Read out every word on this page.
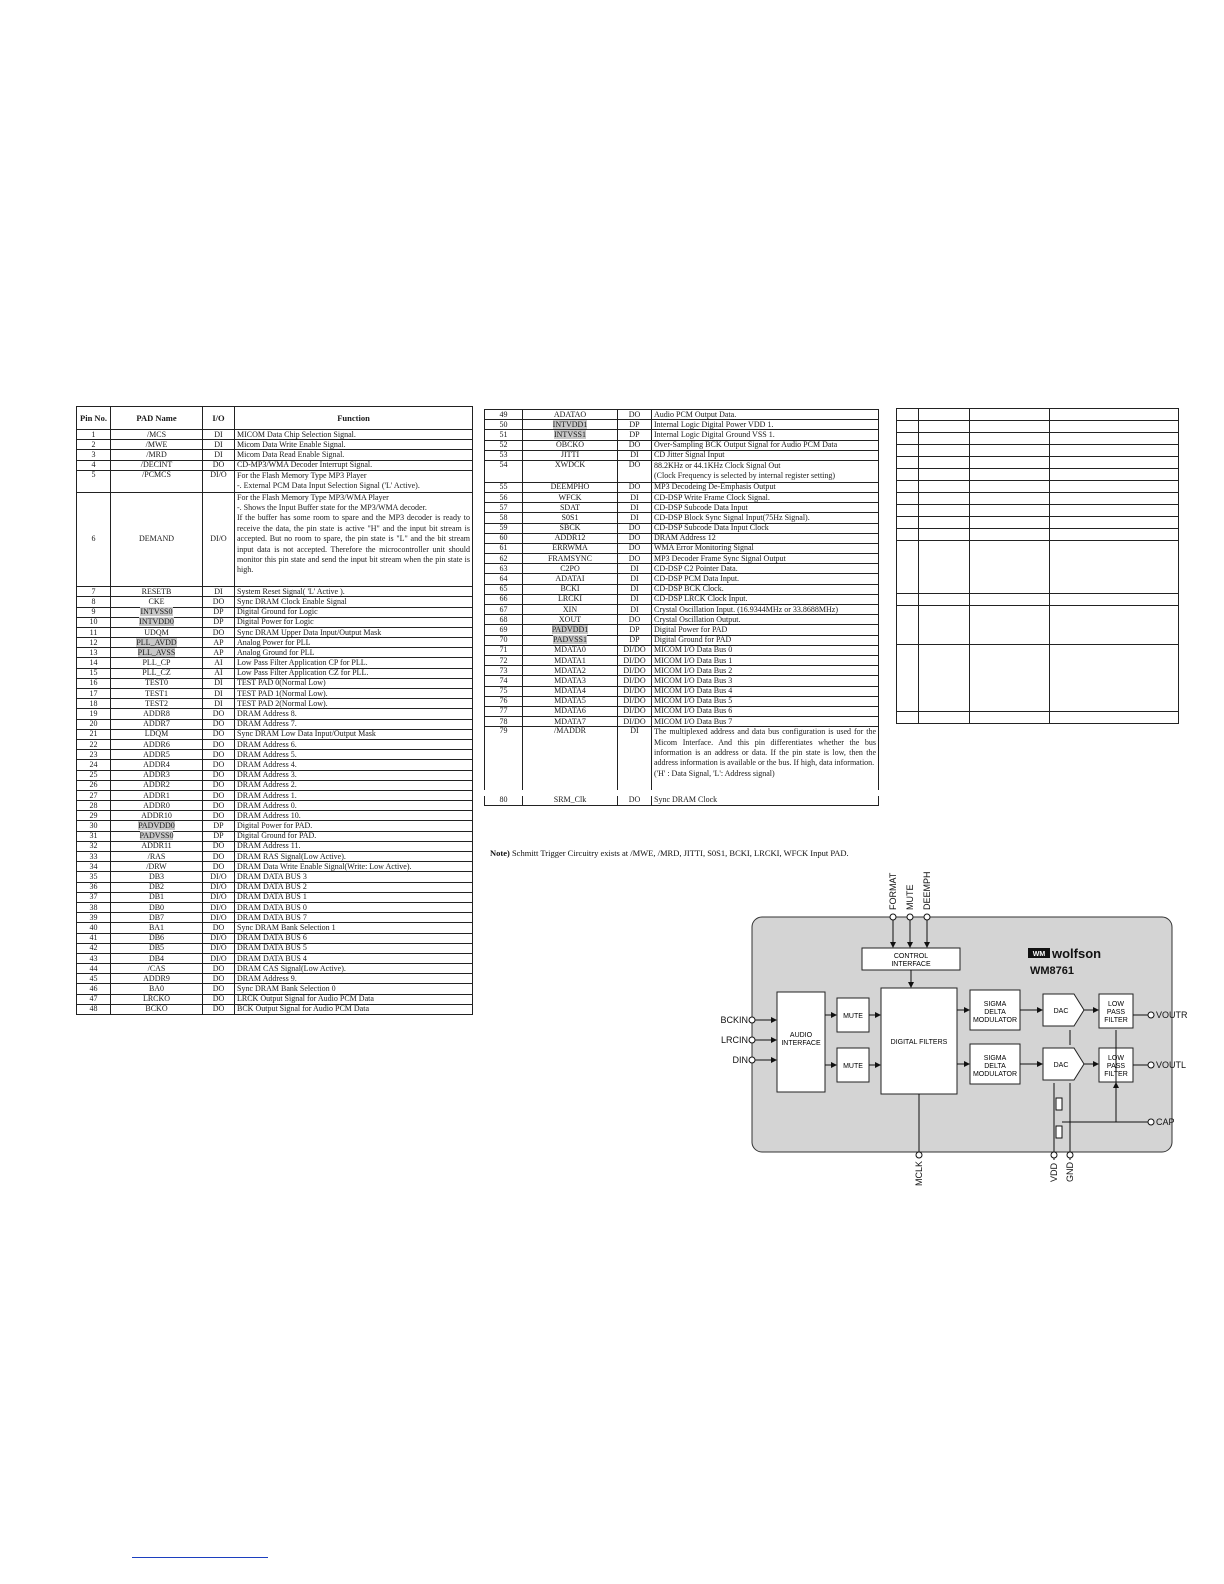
Pin No.	PAD Name	I/O	Function
1	/MCS	DI	MICOM Data Chip Selection Signal.
2	/MWE	DI	Micom Data Write Enable Signal.
3	/MRD	DI	Micom Data Read Enable Signal.
4	/DECINT	DO	CD-MP3/WMA Decoder Interrupt Signal.
5	/PCMCS	DI/O	For the Flash Memory Type MP3 Player
-. External PCM Data Input Selection Signal ('L' Active).
6	DEMAND	DI/O	For the Flash Memory Type MP3/WMA Player
-. Shows the Input Buffer state for the MP3/WMA decoder.
If the buffer has some room to spare and the MP3 decoder is ready to receive the data, the pin state is active "H" and the input bit stream is accepted. But no room to spare, the pin state is "L" and the bit stream input data is not accepted. Therefore the microcontroller unit should monitor this pin state and send the input bit stream when the pin state is high.
7	RESETB	DI	System Reset Signal( 'L' Active ).
8	CKE	DO	Sync DRAM Clock Enable Signal
9	INTVSS0	DP	Digital Ground for Logic
10	INTVDD0	DP	Digital Power for Logic
11	UDQM	DO	Sync DRAM Upper Data Input/Output Mask
12	PLL_AVDD	AP	Analog Power for PLL
13	PLL_AVSS	AP	Analog Ground for PLL
14	PLL_CP	AI	Low Pass Filter Application CP for PLL.
15	PLL_CZ	AI	Low Pass Filter Application CZ for PLL.
16	TEST0	DI	TEST PAD 0(Normal Low)
17	TEST1	DI	TEST PAD 1(Normal Low).
18	TEST2	DI	TEST PAD 2(Normal Low).
19	ADDR8	DO	DRAM Address 8.
20	ADDR7	DO	DRAM Address 7.
21	LDQM	DO	Sync DRAM Low Data Input/Output Mask
22	ADDR6	DO	DRAM Address 6.
23	ADDR5	DO	DRAM Address 5.
24	ADDR4	DO	DRAM Address 4.
25	ADDR3	DO	DRAM Address 3.
26	ADDR2	DO	DRAM Address 2.
27	ADDR1	DO	DRAM Address 1.
28	ADDR0	DO	DRAM Address 0.
29	ADDR10	DO	DRAM Address 10.
30	PADVDD0	DP	Digital Power for PAD.
31	PADVSS0	DP	Digital Ground for PAD.
32	ADDR11	DO	DRAM Address 11.
33	/RAS	DO	DRAM RAS Signal(Low Active).
34	/DRW	DO	DRAM Data Write Enable Signal(Write: Low Active).
35	DB3	DI/O	DRAM DATA BUS 3
36	DB2	DI/O	DRAM DATA BUS 2
37	DB1	DI/O	DRAM DATA BUS 1
38	DB0	DI/O	DRAM DATA BUS 0
39	DB7	DI/O	DRAM DATA BUS 7
40	BA1	DO	Sync DRAM Bank Selection 1
41	DB6	DI/O	DRAM DATA BUS 6
42	DB5	DI/O	DRAM DATA BUS 5
43	DB4	DI/O	DRAM DATA BUS 4
44	/CAS	DO	DRAM CAS Signal(Low Active).
45	ADDR9	DO	DRAM Address 9.
46	BA0	DO	Sync DRAM Bank Selection 0
47	LRCKO	DO	LRCK Output Signal for Audio PCM Data
48	BCKO	DO	BCK Output Signal for Audio PCM Data
49	ADATAO	DO	Audio PCM Output Data.
50	INTVDD1	DP	Internal Logic Digital Power VDD 1.
51	INTVSS1	DP	Internal Logic Digital Ground VSS 1.
52	OBCKO	DO	Over-Sampling BCK Output Signal for Audio PCM Data
53	JITTI	DI	CD Jitter Signal Input
54	XWDCK	DO	88.2KHz or 44.1KHz Clock Signal Out
(Clock Frequency is selected by internal register setting)
55	DEEMPHO	DO	MP3 Decodeing De-Emphasis Output
56	WFCK	DI	CD-DSP Write Frame Clock Signal.
57	SDAT	DI	CD-DSP Subcode Data Input
58	S0S1	DI	CD-DSP Block Sync Signal Input(75Hz Signal).
59	SBCK	DO	CD-DSP Subcode Data Input Clock
60	ADDR12	DO	DRAM Address 12
61	ERRWMA	DO	WMA Error Monitoring Signal
62	FRAMSYNC	DO	MP3 Decoder Frame Sync Signal Output
63	C2PO	DI	CD-DSP C2 Pointer Data.
64	ADATAI	DI	CD-DSP PCM Data Input.
65	BCKI	DI	CD-DSP BCK Clock.
66	LRCKI	DI	CD-DSP LRCK Clock Input.
67	XIN	DI	Crystal Oscillation Input. (16.9344MHz or 33.8688MHz)
68	XOUT	DO	Crystal Oscillation Output.
69	PADVDD1	DP	Digital Power for PAD
70	PADVSS1	DP	Digital Ground for PAD
71	MDATA0	DI/DO	MICOM I/O Data Bus 0
72	MDATA1	DI/DO	MICOM I/O Data Bus 1
73	MDATA2	DI/DO	MICOM I/O Data Bus 2
74	MDATA3	DI/DO	MICOM I/O Data Bus 3
75	MDATA4	DI/DO	MICOM I/O Data Bus 4
76	MDATA5	DI/DO	MICOM I/O Data Bus 5
77	MDATA6	DI/DO	MICOM I/O Data Bus 6
78	MDATA7	DI/DO	MICOM I/O Data Bus 7
79	/MADDR	DI	The multiplexed address and data bus configuration is used for the Micom Interface. And this pin differentiates whether the bus information is an address or data. If the pin state is low, then the address information is available or the bus. If high, data information.
('H' : Data Signal, 'L': Address signal)
80	SRM_Clk	DO	Sync DRAM Clock

Note) Schmitt Trigger Circuitry exists at /MWE, /MRD, JITTI, S0S1, BCKI, LRCKI, WFCK Input PAD.
FORMAT MUTE DEEMPH
CONTROL
INTERFACE
WM wolfson
WM8761
BCKIN
LRCIN
DIN
AUDIO
INTERFACE
MUTE
MUTE
DIGITAL FILTERS
SIGMA
DELTA
MODULATOR
SIGMA
DELTA
MODULATOR
DAC
DAC
LOW
PASS
FILTER
LOW
PASS
FILTER
VOUTR
VOUTL
CAP
MCLK	VDD GND
